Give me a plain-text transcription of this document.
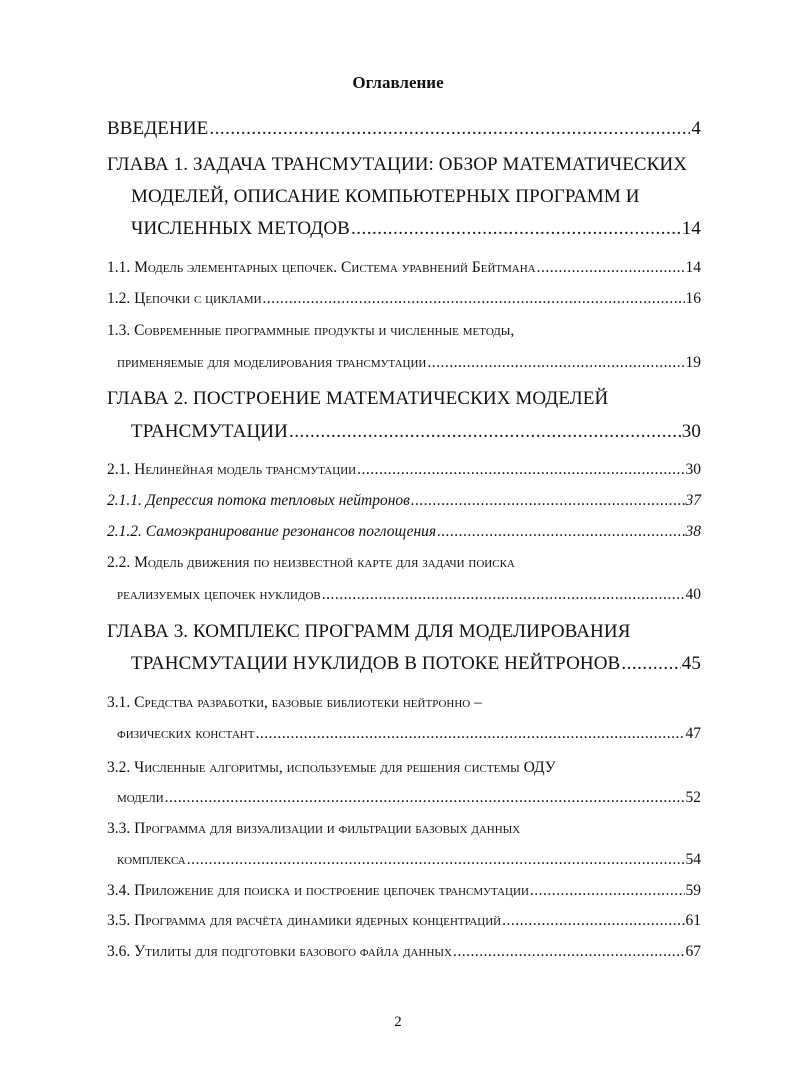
Оглавление
ВВЕДЕНИЕ .....	4
ГЛАВА 1. ЗАДАЧА ТРАНСМУТАЦИИ: ОБЗОР МАТЕМАТИЧЕСКИХ
МОДЕЛЕЙ, ОПИСАНИЕ КОМПЬЮТЕРНЫХ ПРОГРАММ И
ЧИСЛЕННЫХ МЕТОДОВ .....	14
1.1. Модель элементарных цепочек. Система уравнений Бейтмана .....	14
1.2. Цепочки с циклами .....	16
1.3. Современные программные продукты и численные методы,
применяемые для моделирования трансмутации .....	19
ГЛАВА 2. ПОСТРОЕНИЕ МАТЕМАТИЧЕСКИХ МОДЕЛЕЙ
ТРАНСМУТАЦИИ .....	30
2.1. Нелинейная модель трансмутации .....	30
2.1.1. Депрессия потока тепловых нейтронов .....	37
2.1.2. Самоэкранирование резонансов поглощения .....	38
2.2. Модель движения по неизвестной карте для задачи поиска
реализуемых цепочек нуклидов .....	40
ГЛАВА 3. КОМПЛЕКС ПРОГРАММ ДЛЯ МОДЕЛИРОВАНИЯ
ТРАНСМУТАЦИИ НУКЛИДОВ В ПОТОКЕ НЕЙТРОНОВ .....	45
3.1. Средства разработки, базовые библиотеки нейтронно –
физических констант .....	47
3.2. Численные алгоритмы, используемые для решения системы ОДУ
модели .....	52
3.3. Программа для визуализации и фильтрации базовых данных
комплекса .....	54
3.4. Приложение для поиска и построение цепочек трансмутации .....	59
3.5. Программа для расчёта динамики ядерных концентраций .....	61
3.6. Утилиты для подготовки базового файла данных .....	67
2
